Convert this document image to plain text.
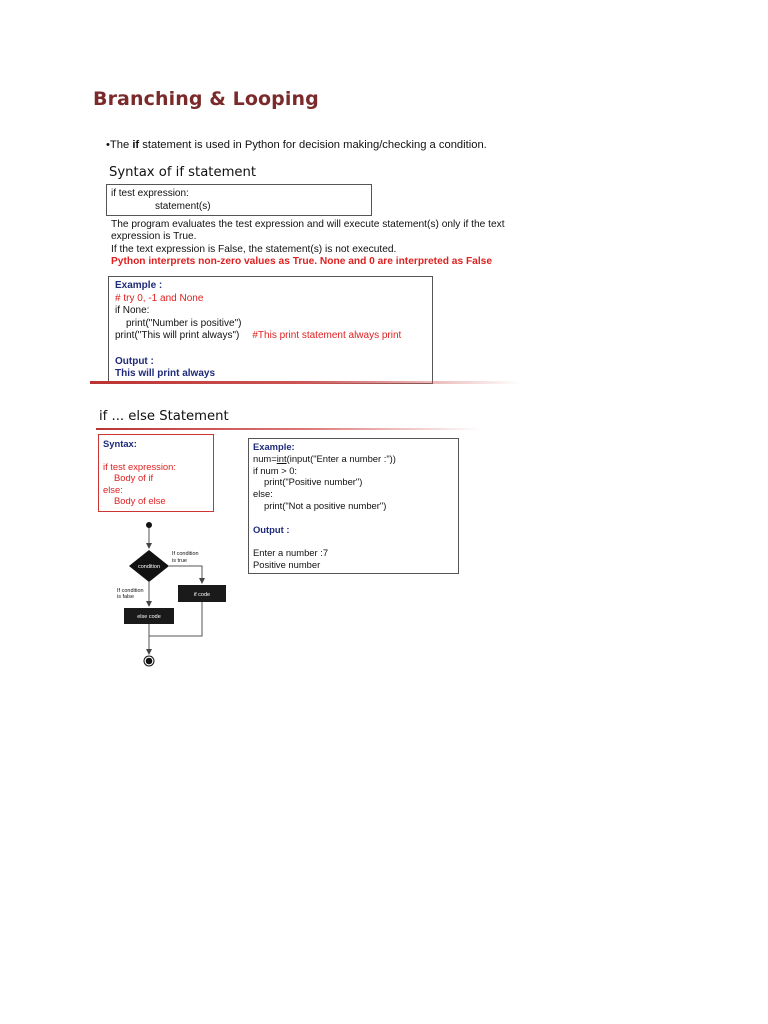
Branching & Looping
•The if statement is used in Python for decision making/checking a condition.
Syntax of if statement
if test expression:
statement(s)
The program evaluates the test expression and will execute statement(s) only if the text
expression is True.
If the text expression is False, the statement(s) is not executed.
Python interprets non-zero values as True. None and 0 are interpreted as False
Example :
# try 0, -1 and None
if None:
print("Number is positive")
print("This will print always") #This print statement always print
Output :
This will print always
if ... else Statement
Syntax:
if test expression:
Body of if
else:
Body of else
Example:
num=int(input("Enter a number :"))
if num > 0:
print("Positive number")
else:
print("Not a positive number")
Output :
Enter a number :7
Positive number
condition
If condition
is true
If condition
is false	if code
else code
